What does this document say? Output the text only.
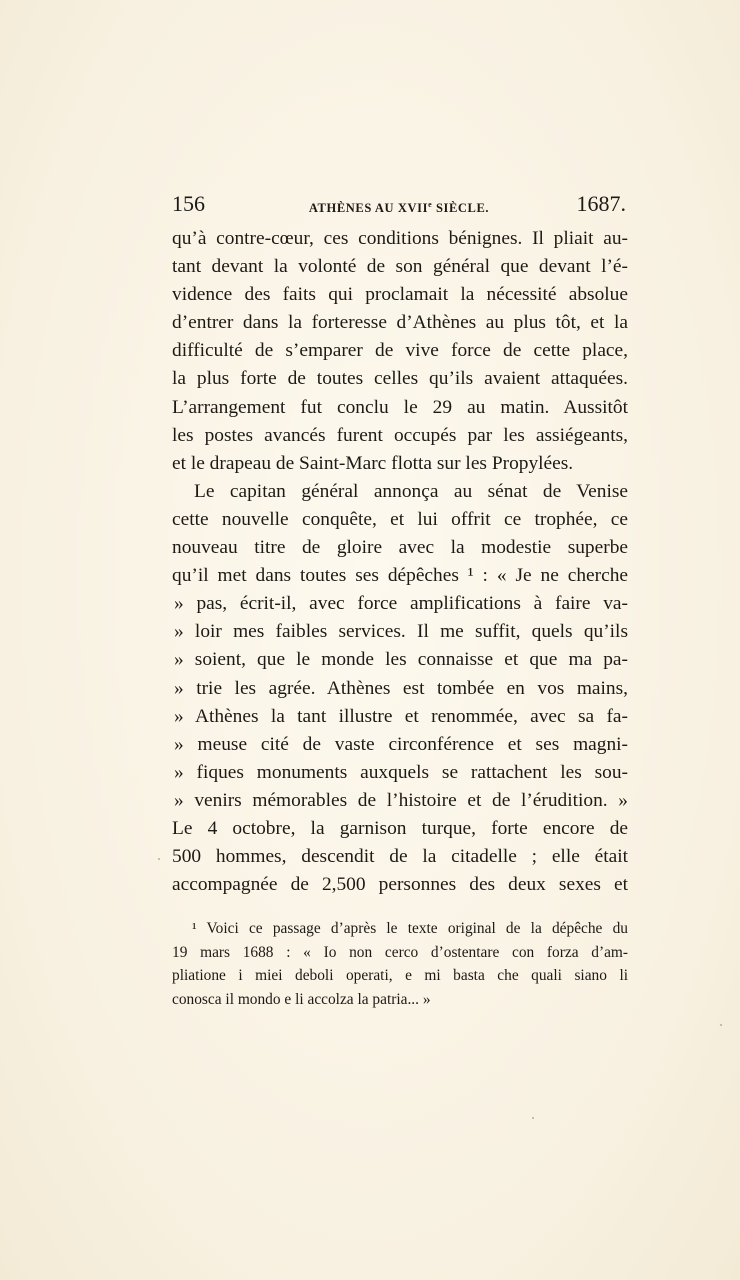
156	ATHÈNES AU XVIIe SIÈCLE.	1687.
qu’à contre-cœur, ces conditions bénignes. Il pliait au-
tant devant la volonté de son général que devant l’é-
vidence des faits qui proclamait la nécessité absolue
d’entrer dans la forteresse d’Athènes au plus tôt, et la
difficulté de s’emparer de vive force de cette place,
la plus forte de toutes celles qu’ils avaient attaquées.
L’arrangement fut conclu le 29 au matin. Aussitôt
les postes avancés furent occupés par les assiégeants,
et le drapeau de Saint-Marc flotta sur les Propylées.
Le capitan général annonça au sénat de Venise
cette nouvelle conquête, et lui offrit ce trophée, ce
nouveau titre de gloire avec la modestie superbe
qu’il met dans toutes ses dépêches ¹ : « Je ne cherche
» pas, écrit-il, avec force amplifications à faire va-
» loir mes faibles services. Il me suffit, quels qu’ils
» soient, que le monde les connaisse et que ma pa-
» trie les agrée. Athènes est tombée en vos mains,
» Athènes la tant illustre et renommée, avec sa fa-
» meuse cité de vaste circonférence et ses magni-
» fiques monuments auxquels se rattachent les sou-
» venirs mémorables de l’histoire et de l’érudition. »
Le 4 octobre, la garnison turque, forte encore de
500 hommes, descendit de la citadelle ; elle était
accompagnée de 2,500 personnes des deux sexes et
¹ Voici ce passage d’après le texte original de la dépêche du
19 mars 1688 : « Io non cerco d’ostentare con forza d’am-
pliatione i miei deboli operati, e mi basta che quali siano li
conosca il mondo e li accolza la patria... »
